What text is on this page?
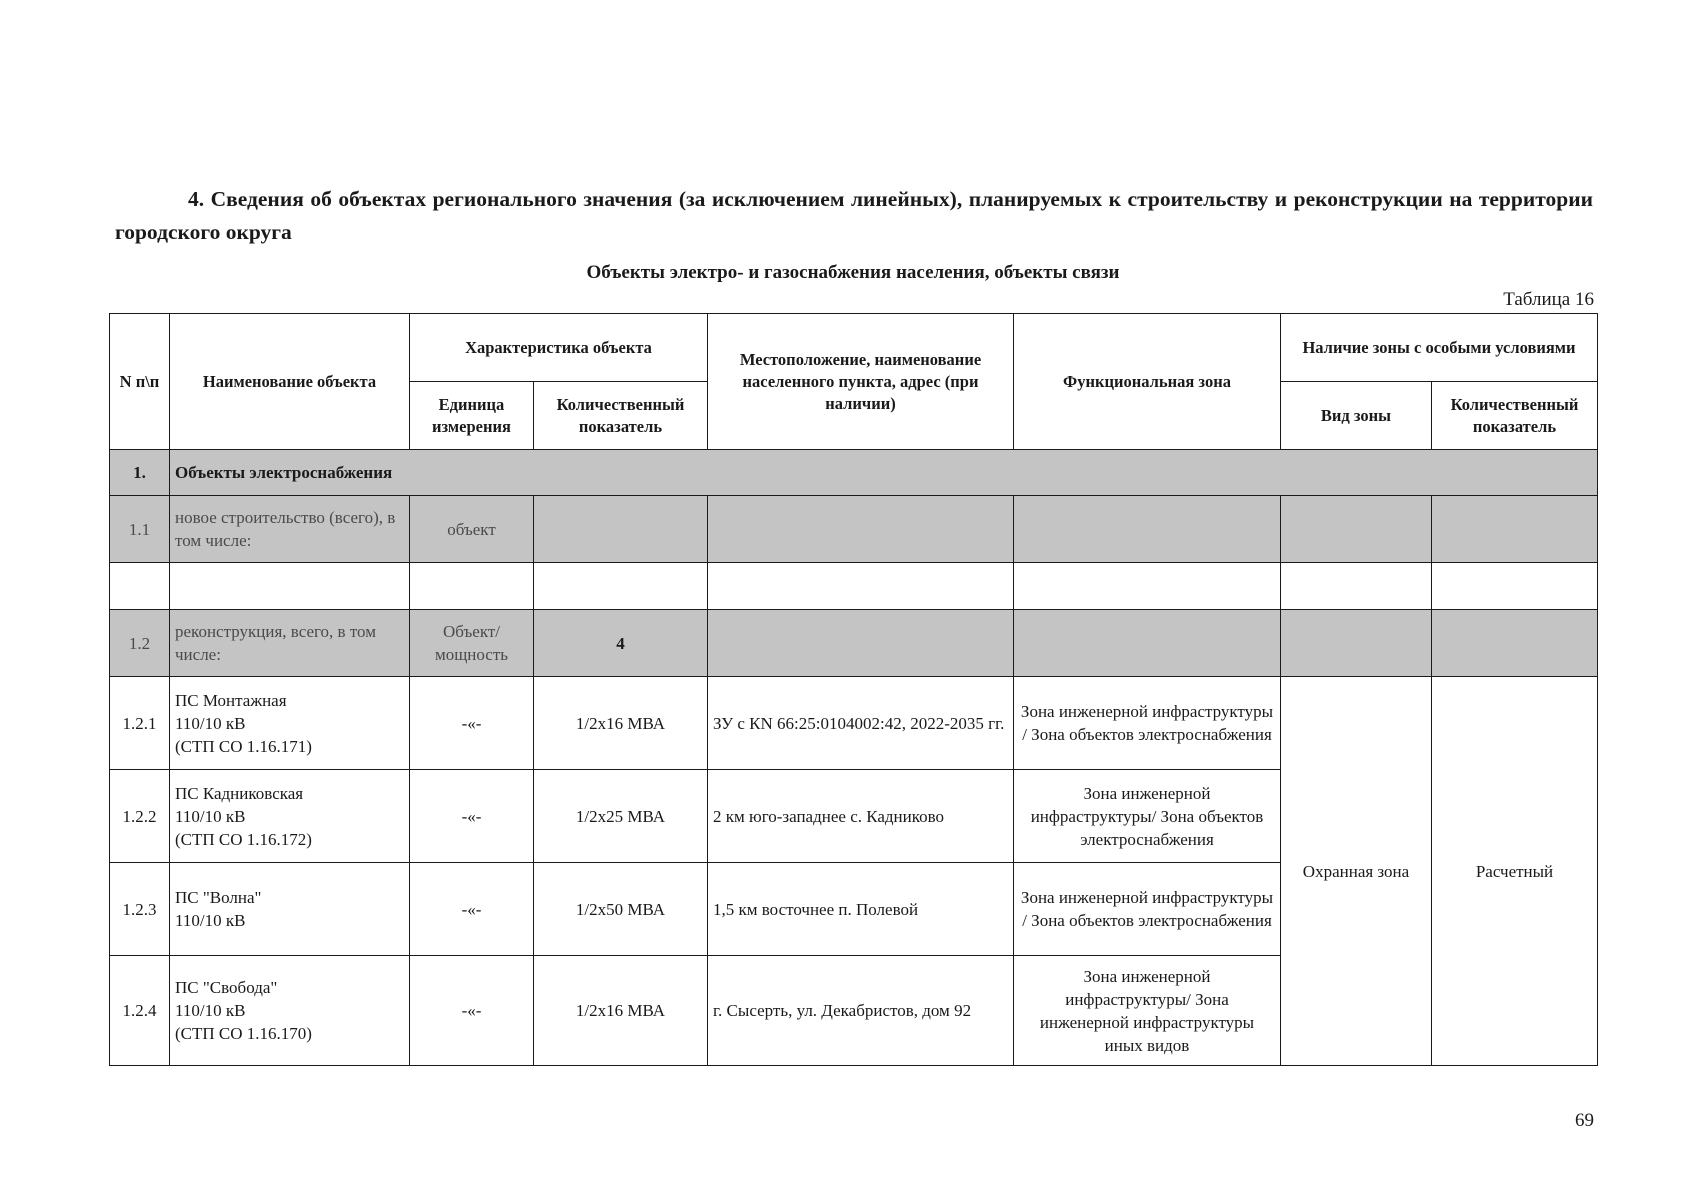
4. Сведения об объектах регионального значения (за исключением линейных), планируемых к строительству и реконструкции на территории городского округа
Объекты электро- и газоснабжения населения, объекты связи
Таблица 16
N п\п	Наименование объекта	Характеристика объекта		Местоположение, наименование населенного пункта, адрес (при наличии)	Функциональная зона	Наличие зоны с особыми условиями	
		Единица измерения	Количественный показатель			Вид зоны	Количественный показатель
1.	Объекты электроснабжения						
1.1	новое строительство (всего), в том числе:	объект					

1.2	реконструкция, всего, в том числе:	Объект/ мощность	4				
1.2.1	ПС Монтажная
110/10 кВ
(СТП СО 1.16.171)	-«-	1/2х16 МВА	ЗУ с КN 66:25:0104002:42, 2022-2035 гг.	Зона инженерной инфраструктуры / Зона объектов электроснабжения	Охранная зона	Расчетный
1.2.2	ПС Кадниковская
110/10 кВ
(СТП СО 1.16.172)	-«-	1/2х25 МВА	2 км юго-западнее с. Кадниково	Зона инженерной инфраструктуры/ Зона объектов электроснабжения		
1.2.3	ПС "Волна"
110/10 кВ	-«-	1/2х50 МВА	1,5 км восточнее п. Полевой	Зона инженерной инфраструктуры / Зона объектов электроснабжения		
1.2.4	ПС "Свобода"
110/10 кВ
(СТП СО 1.16.170)	-«-	1/2х16 МВА	г. Сысерть, ул. Декабристов, дом 92	Зона инженерной инфраструктуры/ Зона инженерной инфраструктуры иных видов		
69
